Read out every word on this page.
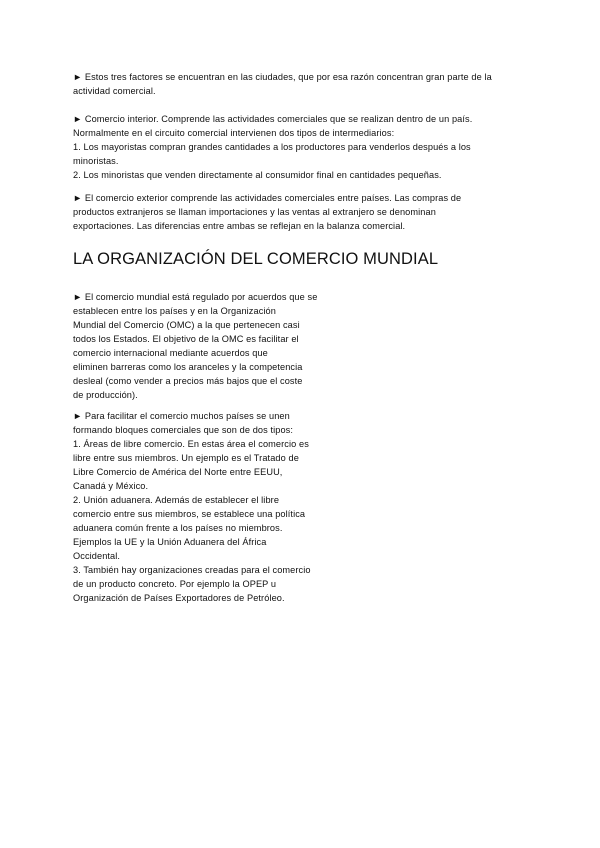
► Estos tres factores se encuentran en las ciudades, que por esa razón concentran gran parte de la
actividad comercial.
► Comercio interior. Comprende las actividades comerciales que se realizan dentro de un país.
Normalmente en el circuito comercial intervienen dos tipos de intermediarios:
1. Los mayoristas compran grandes cantidades a los productores para venderlos después a los
minoristas.
2. Los minoristas que venden directamente al consumidor final en cantidades pequeñas.
► El comercio exterior comprende las actividades comerciales entre países. Las compras de
productos extranjeros se llaman importaciones y las ventas al extranjero se denominan
exportaciones. Las diferencias entre ambas se reflejan en la balanza comercial.
LA ORGANIZACIÓN DEL COMERCIO MUNDIAL
► El comercio mundial está regulado por acuerdos que se
establecen entre los países y en la Organización
Mundial del Comercio (OMC) a la que pertenecen casi
todos los Estados. El objetivo de la OMC es facilitar el
comercio internacional mediante acuerdos que
eliminen barreras como los aranceles y la competencia
desleal (como vender a precios más bajos que el coste
de producción).
► Para facilitar el comercio muchos países se unen
formando bloques comerciales que son de dos tipos:
1. Áreas de libre comercio. En estas área el comercio es
libre entre sus miembros. Un ejemplo es el Tratado de
Libre Comercio de América del Norte entre EEUU,
Canadá y México.
2. Unión aduanera. Además de establecer el libre
comercio entre sus miembros, se establece una política
aduanera común frente a los países no miembros.
Ejemplos la UE y la Unión Aduanera del África
Occidental.
3. También hay organizaciones creadas para el comercio
de un producto concreto. Por ejemplo la OPEP u
Organización de Países Exportadores de Petróleo.
